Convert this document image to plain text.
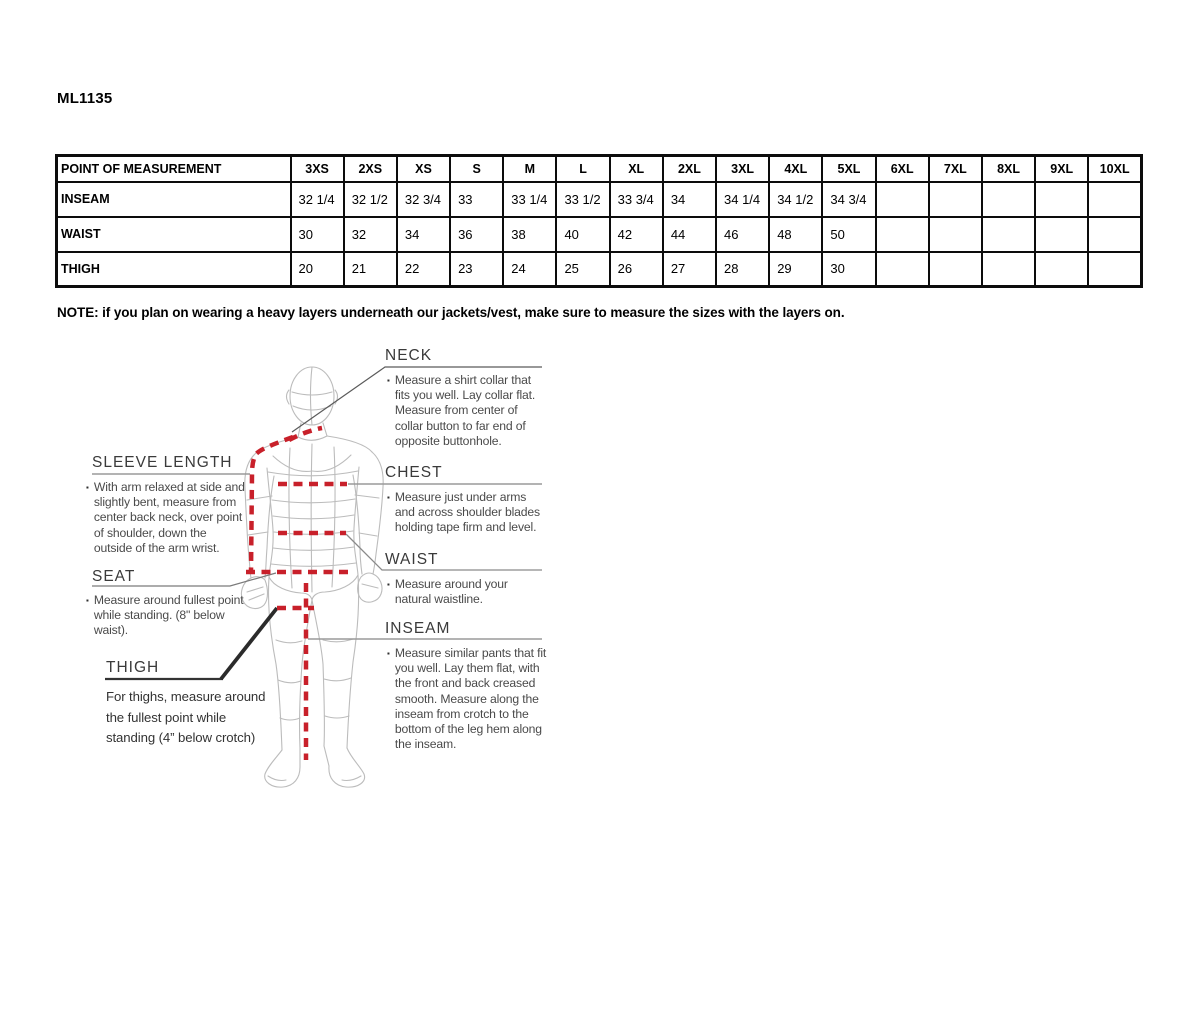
ML1135
POINT OF MEASUREMENT	3XS	2XS	XS	S	M	L	XL	2XL	3XL	4XL	5XL	6XL	7XL	8XL	9XL	10XL
INSEAM	32 1/4	32 1/2	32 3/4	33	33 1/4	33 1/2	33 3/4	34	34 1/4	34 1/2	34 3/4					
WAIST	30	32	34	36	38	40	42	44	46	48	50					
THIGH	20	21	22	23	24	25	26	27	28	29	30					
NOTE: if you plan on wearing a heavy layers underneath our jackets/vest, make sure to measure the sizes with the layers on.
NECK
▪ Measure a shirt collar that fits you well. Lay collar flat. Measure from center of collar button to far end of opposite buttonhole.
SLEEVE LENGTH
▪ With arm relaxed at side and slightly bent, measure from center back neck, over point of shoulder, down the outside of the arm wrist.
CHEST
▪ Measure just under arms and across shoulder blades holding tape firm and level.
WAIST
▪ Measure around your natural waistline.
SEAT
▪ Measure around fullest point while standing. (8" below waist).	INSEAM
▪ Measure similar pants that fit you well. Lay them flat, with the front and back creased smooth. Measure along the inseam from crotch to the bottom of the leg hem along the inseam.
THIGH
For thighs, measure around the fullest point while standing (4” below crotch)
